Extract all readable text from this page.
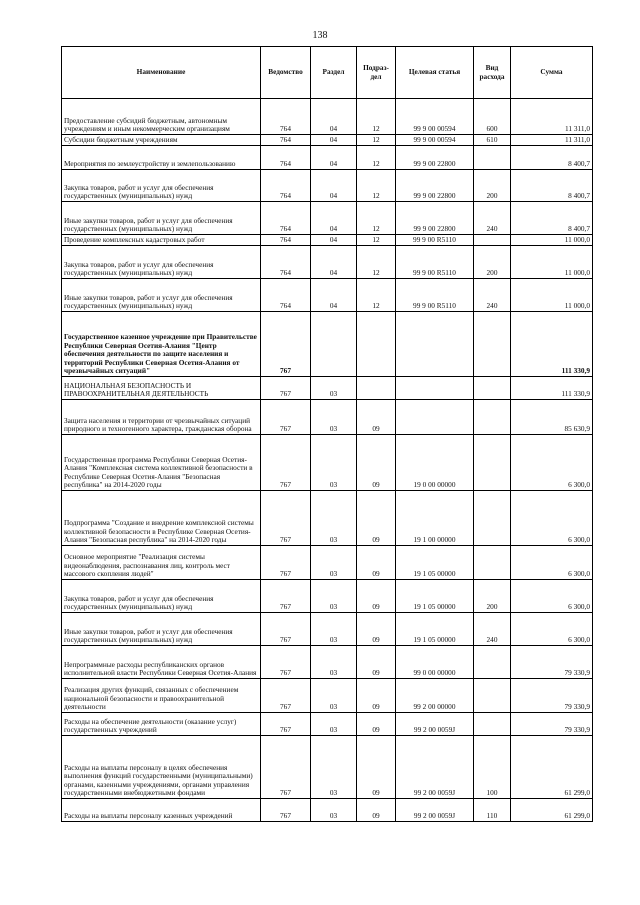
138
Наименование	Ведомство	Раздел	Подраз-дел	Целевая статья	Вид расхода	Сумма
Предоставление субсидий бюджетным, автономным учреждениям и иным некоммерческим организациям	764	04	12	99 9 00 00594	600	11 311,0
Субсидии бюджетным учреждениям	764	04	12	99 9 00 00594	610	11 311,0
Мероприятия по землеустройству и землепользованию	764	04	12	99 9 00 22800		8 400,7
Закупка товаров, работ и услуг для обеспечения государственных (муниципальных) нужд	764	04	12	99 9 00 22800	200	8 400,7
Иные закупки товаров, работ и услуг для обеспечения государственных (муниципальных) нужд	764	04	12	99 9 00 22800	240	8 400,7
Проведение комплексных кадастровых работ	764	04	12	99 9 00 R5110		11 000,0
Закупка товаров, работ и услуг для обеспечения государственных (муниципальных) нужд	764	04	12	99 9 00 R5110	200	11 000,0
Иные закупки товаров, работ и услуг для обеспечения государственных (муниципальных) нужд	764	04	12	99 9 00 R5110	240	11 000,0
Государственное казенное учреждение при Правительстве Республики Северная Осетия-Алания "Центр обеспечения деятельности по защите населения и территорий Республики Северная Осетия-Алания от чрезвычайных ситуаций"	767					111 330,9
НАЦИОНАЛЬНАЯ БЕЗОПАСНОСТЬ И ПРАВООХРАНИТЕЛЬНАЯ ДЕЯТЕЛЬНОСТЬ	767	03				111 330,9
Защита населения и территории от чрезвычайных ситуаций природного и техногенного характера, гражданская оборона	767	03	09			85 630,9
Государственная программа Республики Северная Осетия-Алания "Комплексная система коллективной безопасности в Республике Северная Осетия-Алания "Безопасная республика" на 2014-2020 годы	767	03	09	19 0 00 00000		6 300,0
Подпрограмма "Создание и внедрение комплексной системы коллективной безопасности в Республике Северная Осетия-Алания "Безопасная республика" на 2014-2020 годы	767	03	09	19 1 00 00000		6 300,0
Основное мероприятие "Реализация системы видеонаблюдения, распознавания лиц, контроль мест массового скопления людей"	767	03	09	19 1 05 00000		6 300,0
Закупка товаров, работ и услуг для обеспечения государственных (муниципальных) нужд	767	03	09	19 1 05 00000	200	6 300,0
Иные закупки товаров, работ и услуг для обеспечения государственных (муниципальных) нужд	767	03	09	19 1 05 00000	240	6 300,0
Непрограммные расходы республиканских органов исполнительной власти Республики Северная Осетия-Алания	767	03	09	99 0 00 00000		79 330,9
Реализация других функций, связанных с обеспечением национальной безопасности и правоохранительной деятельности	767	03	09	99 2 00 00000		79 330,9
Расходы на обеспечение деятельности (оказание услуг) государственных учреждений	767	03	09	99 2 00 0059J		79 330,9
Расходы на выплаты персоналу в целях обеспечения выполнения функций государственными (муниципальными) органами, казенными учреждениями, органами управления государственными внебюджетными фондами	767	03	09	99 2 00 0059J	100	61 299,0
Расходы на выплаты персоналу казенных учреждений	767	03	09	99 2 00 0059J	110	61 299,0
